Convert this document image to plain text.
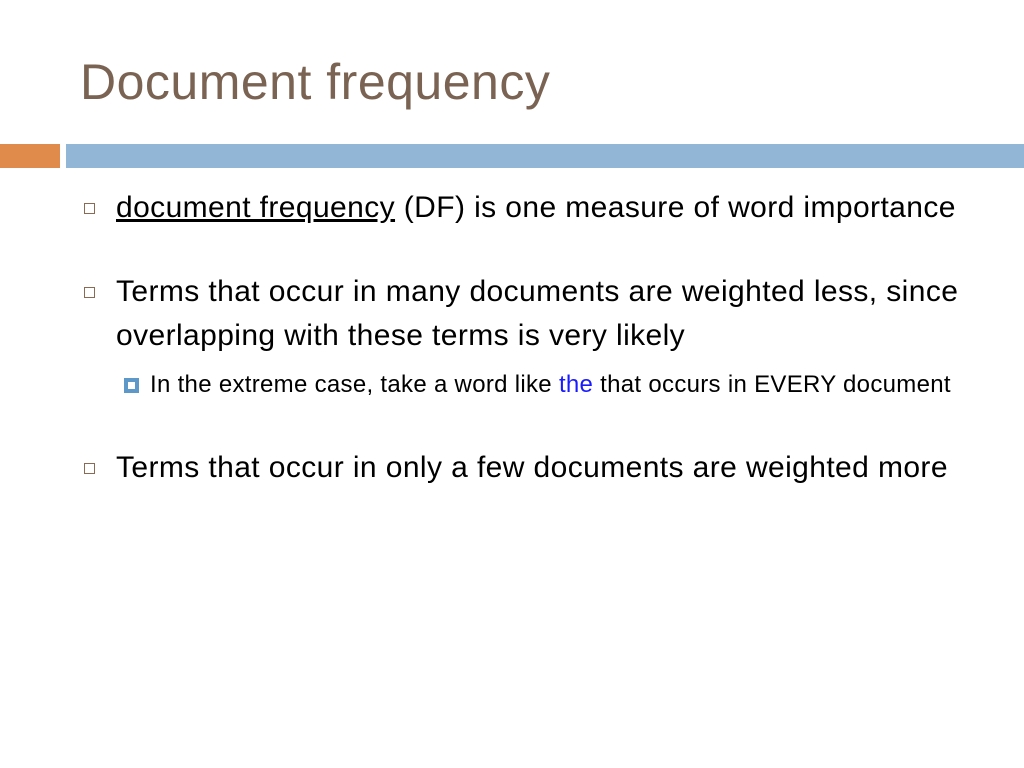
Document frequency
document frequency (DF) is one measure of word importance
Terms that occur in many documents are weighted less, since overlapping with these terms is very likely
In the extreme case, take a word like the that occurs in EVERY document
Terms that occur in only a few documents are weighted more
